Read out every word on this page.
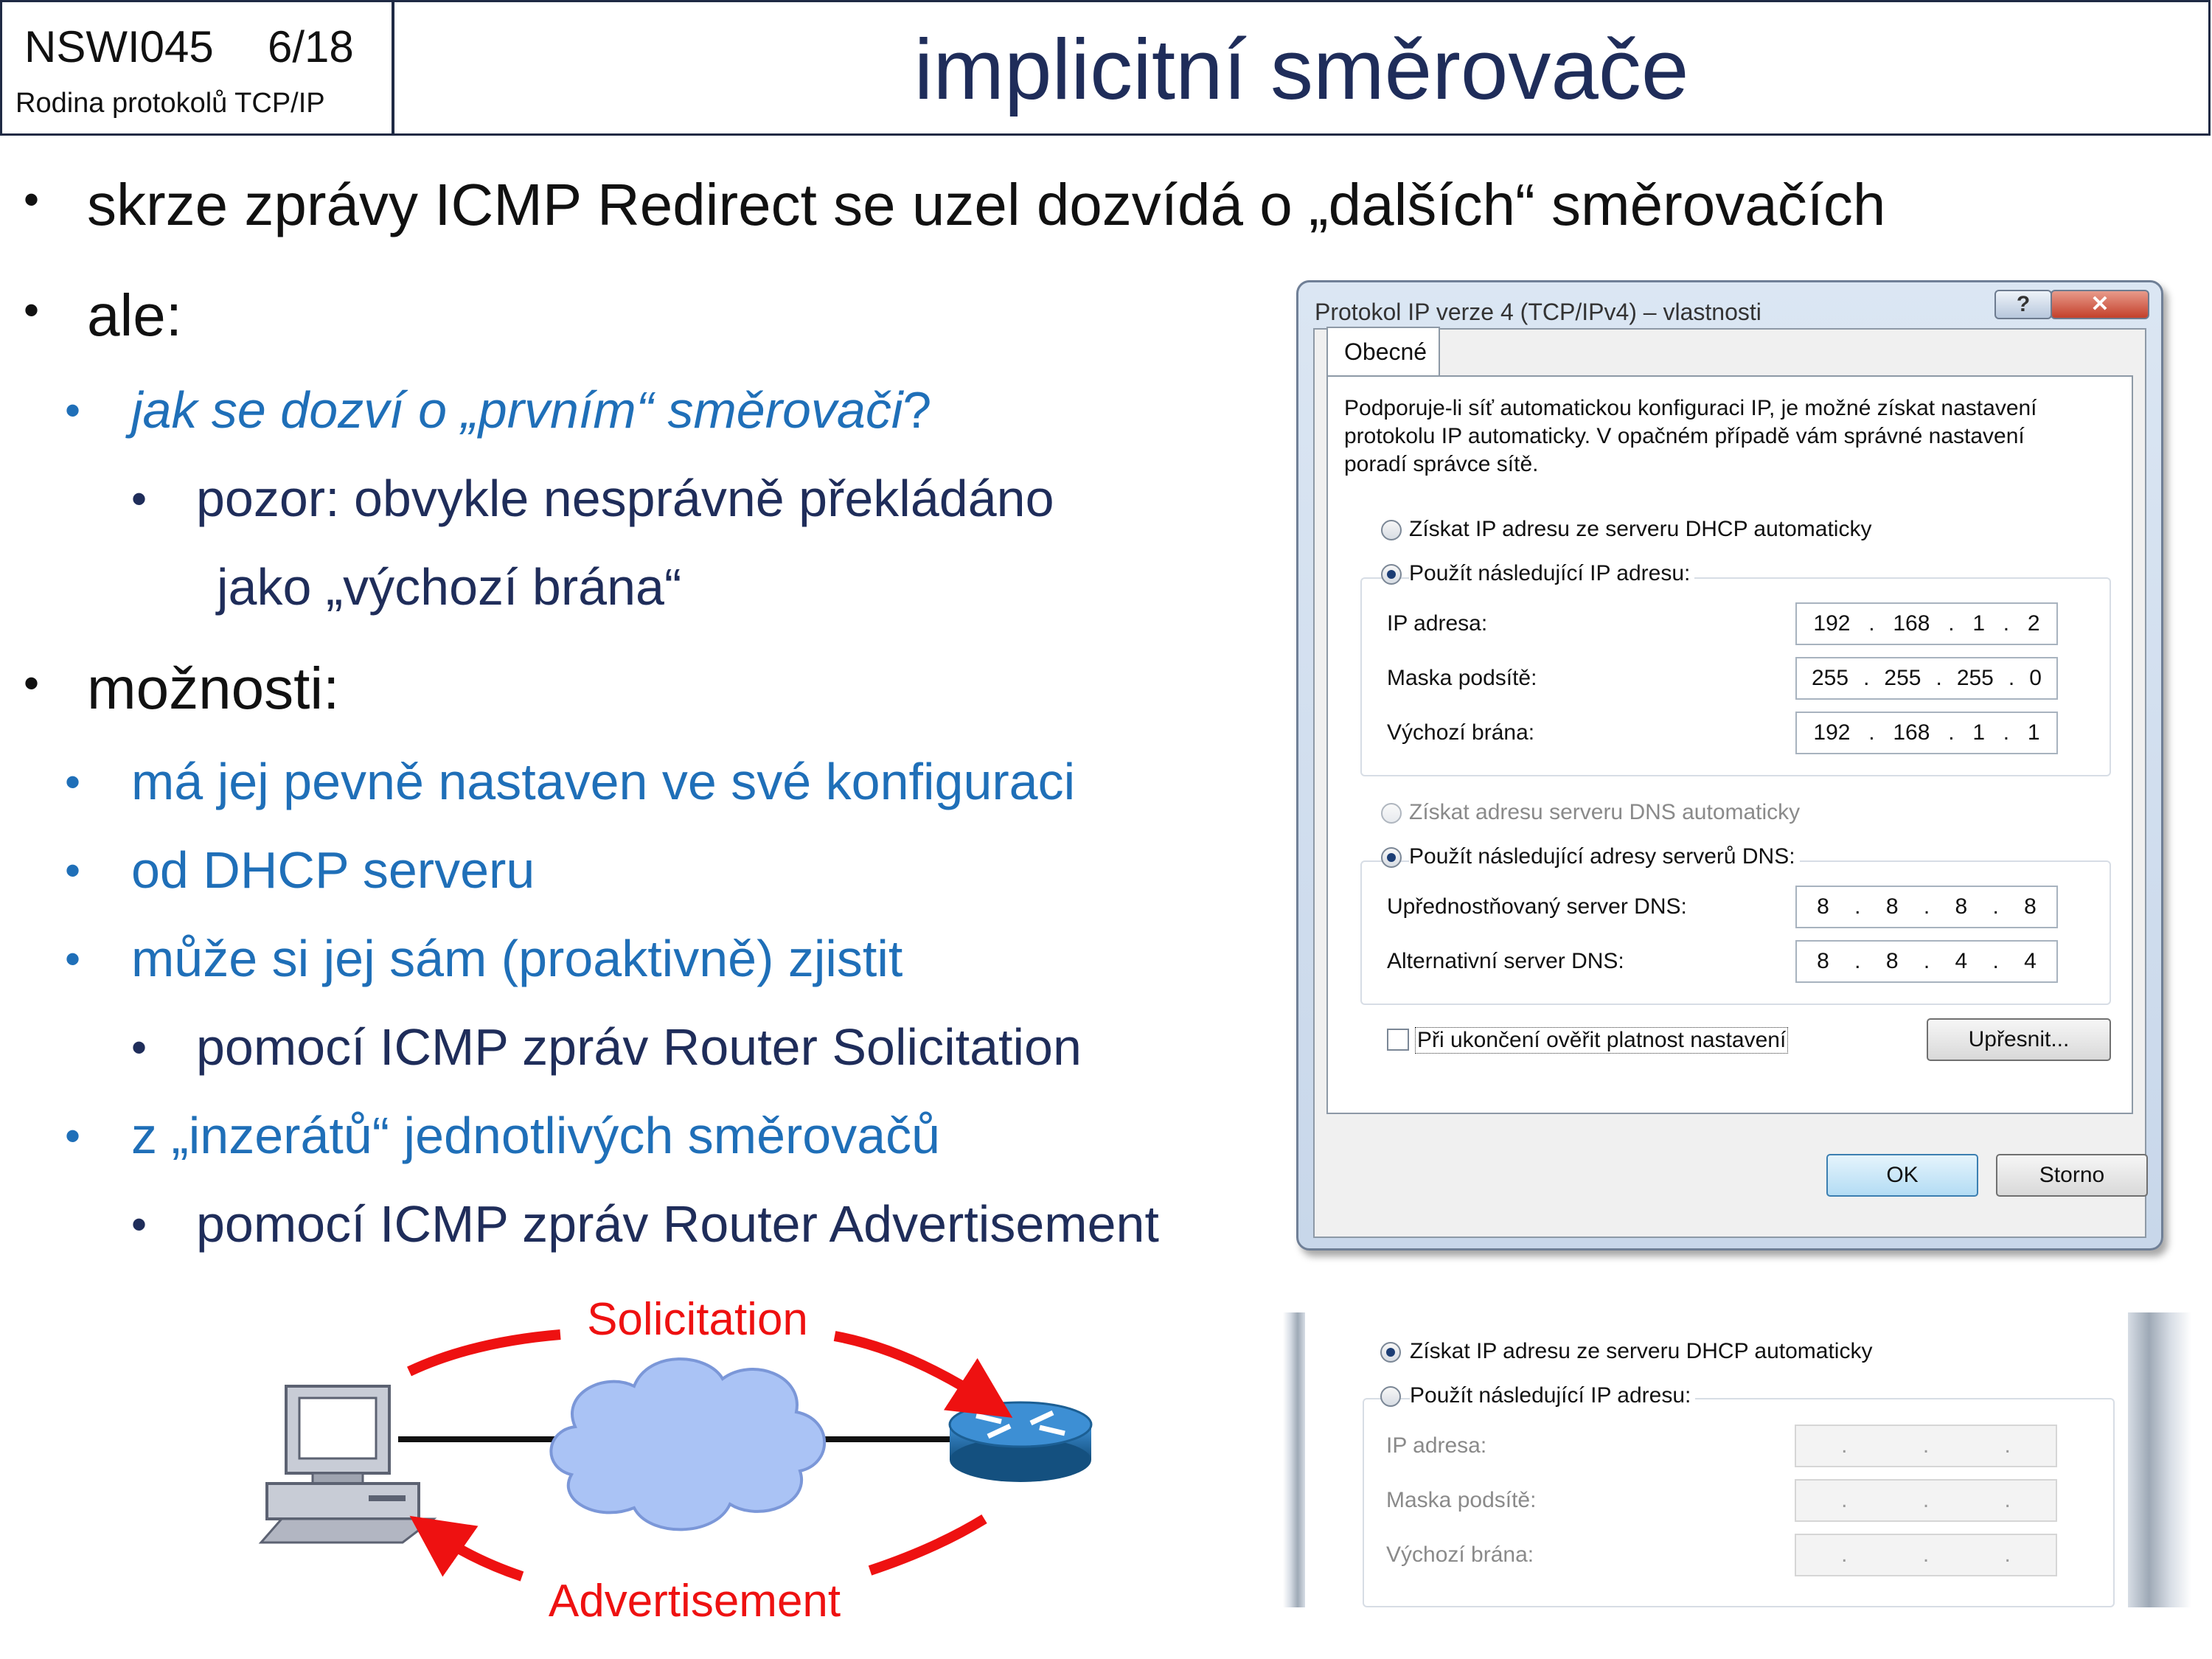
NSWI045 6/18
Rodina protokolů TCP/IP	implicitní směrovače
• skrze zprávy ICMP Redirect se uzel dozvídá o „dalších“ směrovačích
• ale:
• jak se dozví o „prvním“ směrovači?
• pozor: obvykle nesprávně překládáno
jako „výchozí brána“
• možnosti:
• má jej pevně nastaven ve své konfiguraci
• od DHCP serveru
• může si jej sám (proaktivně) zjistit
• pomocí ICMP zpráv Router Solicitation
• z „inzerátů“ jednotlivých směrovačů
• pomocí ICMP zpráv Router Advertisement
Solicitation
Advertisement
Protokol IP verze 4 (TCP/IPv4) – vlastnosti	?	✕
Obecné
Podporuje-li síť automatickou konfiguraci IP, je možné získat nastavení
protokolu IP automaticky. V opačném případě vám správné nastavení
poradí správce sítě.
Získat IP adresu ze serveru DHCP automaticky
Použít následující IP adresu:
IP adresa:	192 . 168 . 1 . 2
Maska podsítě:	255 . 255 . 255 . 0
Výchozí brána:	192 . 168 . 1 . 1
Získat adresu serveru DNS automaticky
Použít následující adresy serverů DNS:
Upřednostňovaný server DNS:	8 . 8 . 8 . 8
Alternativní server DNS:	8 . 8 . 4 . 4
Při ukončení ověřit platnost nastavení	Upřesnit...
OK	Storno
Získat IP adresu ze serveru DHCP automaticky
Použít následující IP adresu:
IP adresa:	.	.	.
Maska podsítě:	.	.	.
Výchozí brána:	.	.	.
